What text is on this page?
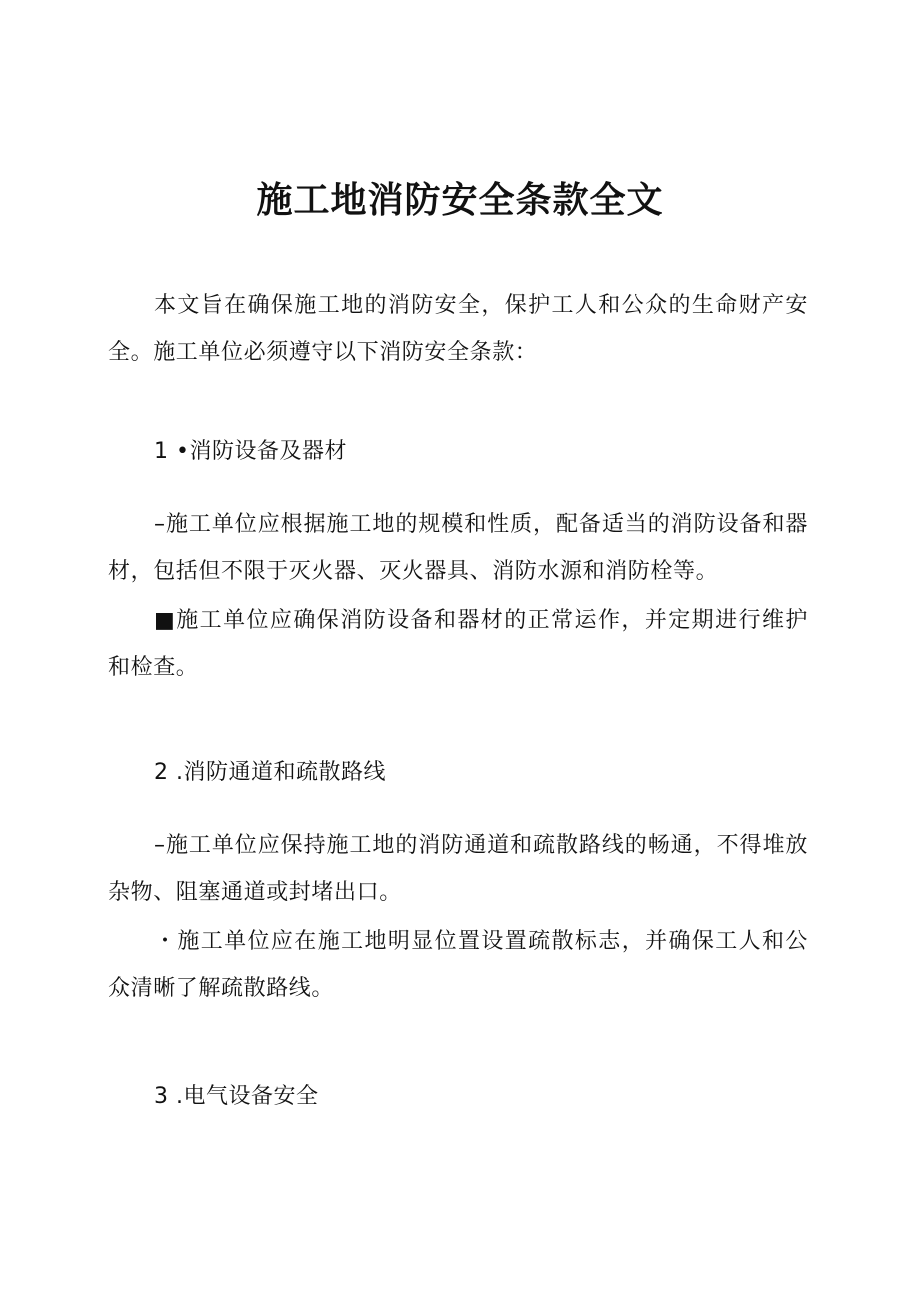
施工地消防安全条款全文

本文旨在确保施工地的消防安全，保护工人和公众的生命财产安全。施工单位必须遵守以下消防安全条款：

1 •消防设备及器材

–施工单位应根据施工地的规模和性质，配备适当的消防设备和器材，包括但不限于灭火器、灭火器具、消防水源和消防栓等。

■施工单位应确保消防设备和器材的正常运作，并定期进行维护和检查。

2 .消防通道和疏散路线

–施工单位应保持施工地的消防通道和疏散路线的畅通，不得堆放杂物、阻塞通道或封堵出口。

・施工单位应在施工地明显位置设置疏散标志，并确保工人和公众清晰了解疏散路线。

3 .电气设备安全
